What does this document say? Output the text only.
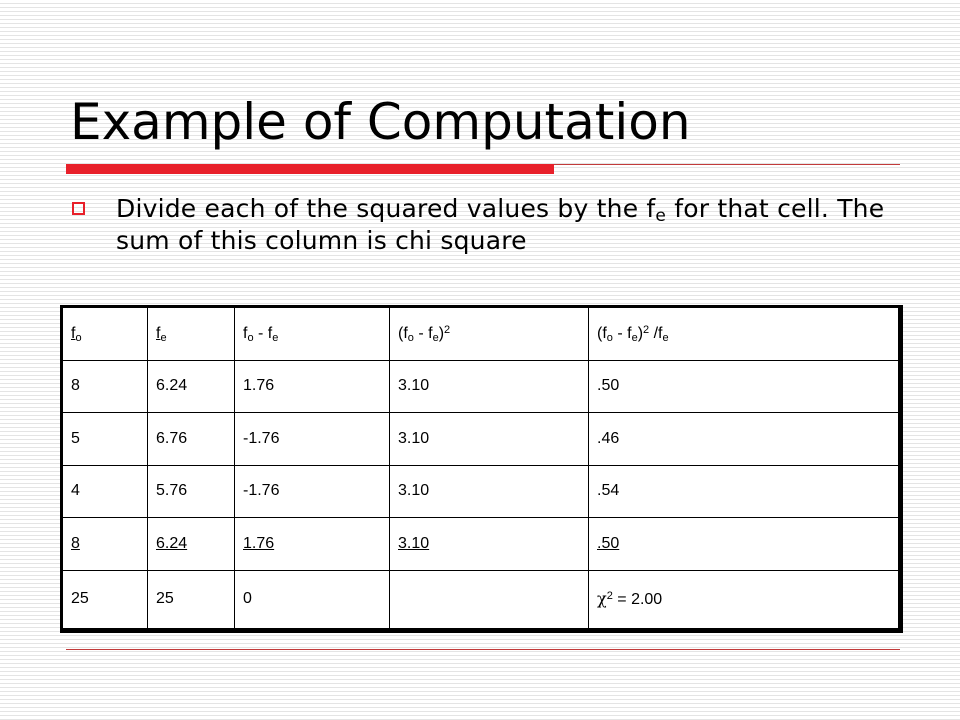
Example of Computation
Divide each of the squared values by the $f_e$ for that cell. The sum of this column is chi square
$f_o$	$f_e$	$f_o - f_e$	$(f_o - f_e)^2$	$(f_o - f_e)^2$ $/f_e$
8	6.24	1.76	3.10	.50
5	6.76	-1.76	3.10	.46
4	5.76	-1.76	3.10	.54
8	6.24	1.76	3.10	.50
25	25	0		$\chi^2 = 2.00$
